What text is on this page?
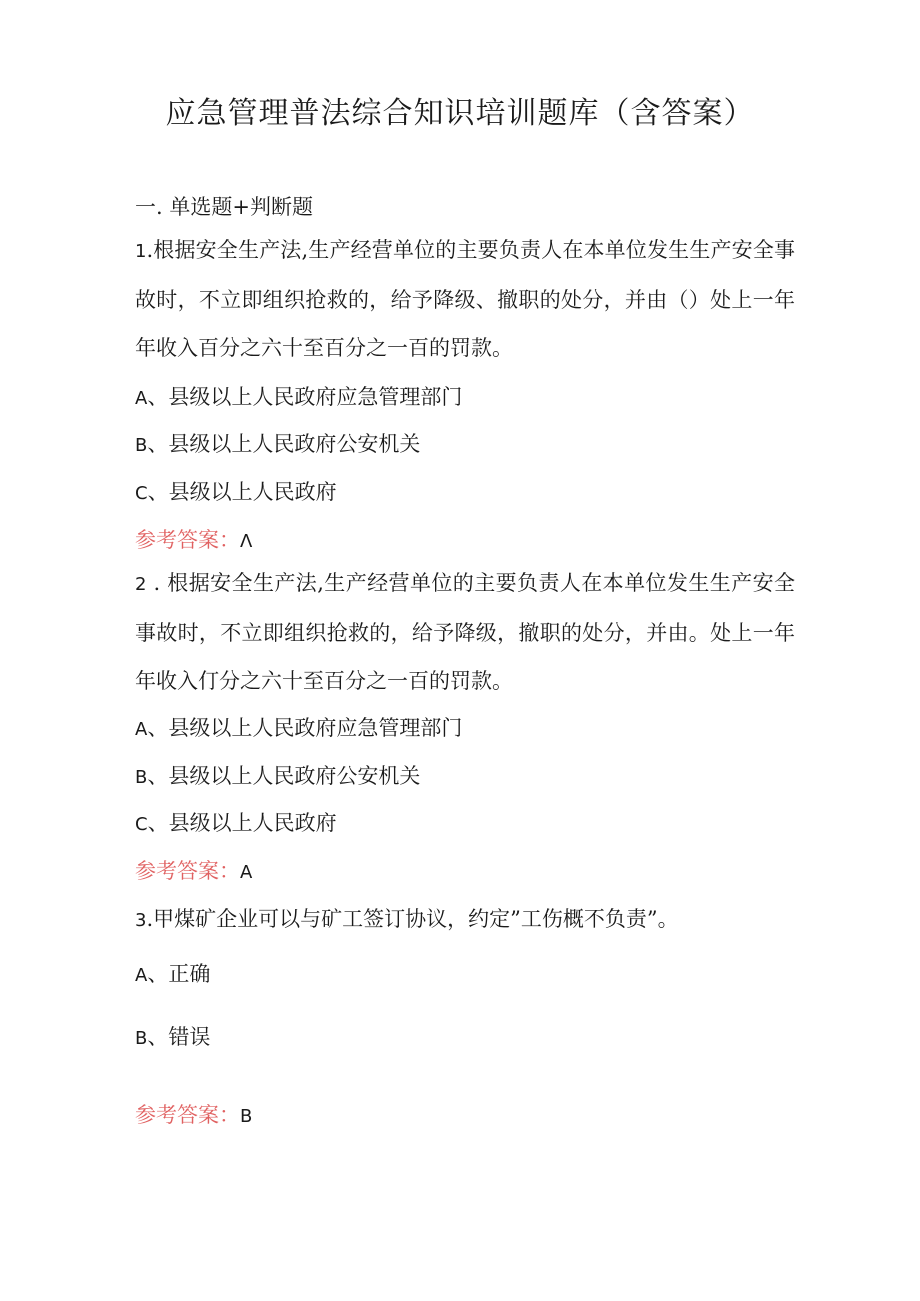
应急管理普法综合知识培训题库（含答案）
一. 单选题+判断题
1.根据安全生产法,生产经营单位的主要负责人在本单位发生生产安全事故时，不立即组织抢救的，给予降级、撤职的处分，并由（）处上一年年收入百分之六十至百分之一百的罚款。
A、县级以上人民政府应急管理部门
B、县级以上人民政府公安机关
C、县级以上人民政府
参考答案：Λ
2 . 根据安全生产法,生产经营单位的主要负责人在本单位发生生产安全事故时，不立即组织抢救的，给予降级，撤职的处分，并由。处上一年年收入仃分之六十至百分之一百的罚款。
A、县级以上人民政府应急管理部门
B、县级以上人民政府公安机关
C、县级以上人民政府
参考答案：A
3.甲煤矿企业可以与矿工签订协议，约定”工伤概不负责”。
A、正确
B、错误
参考答案：B
